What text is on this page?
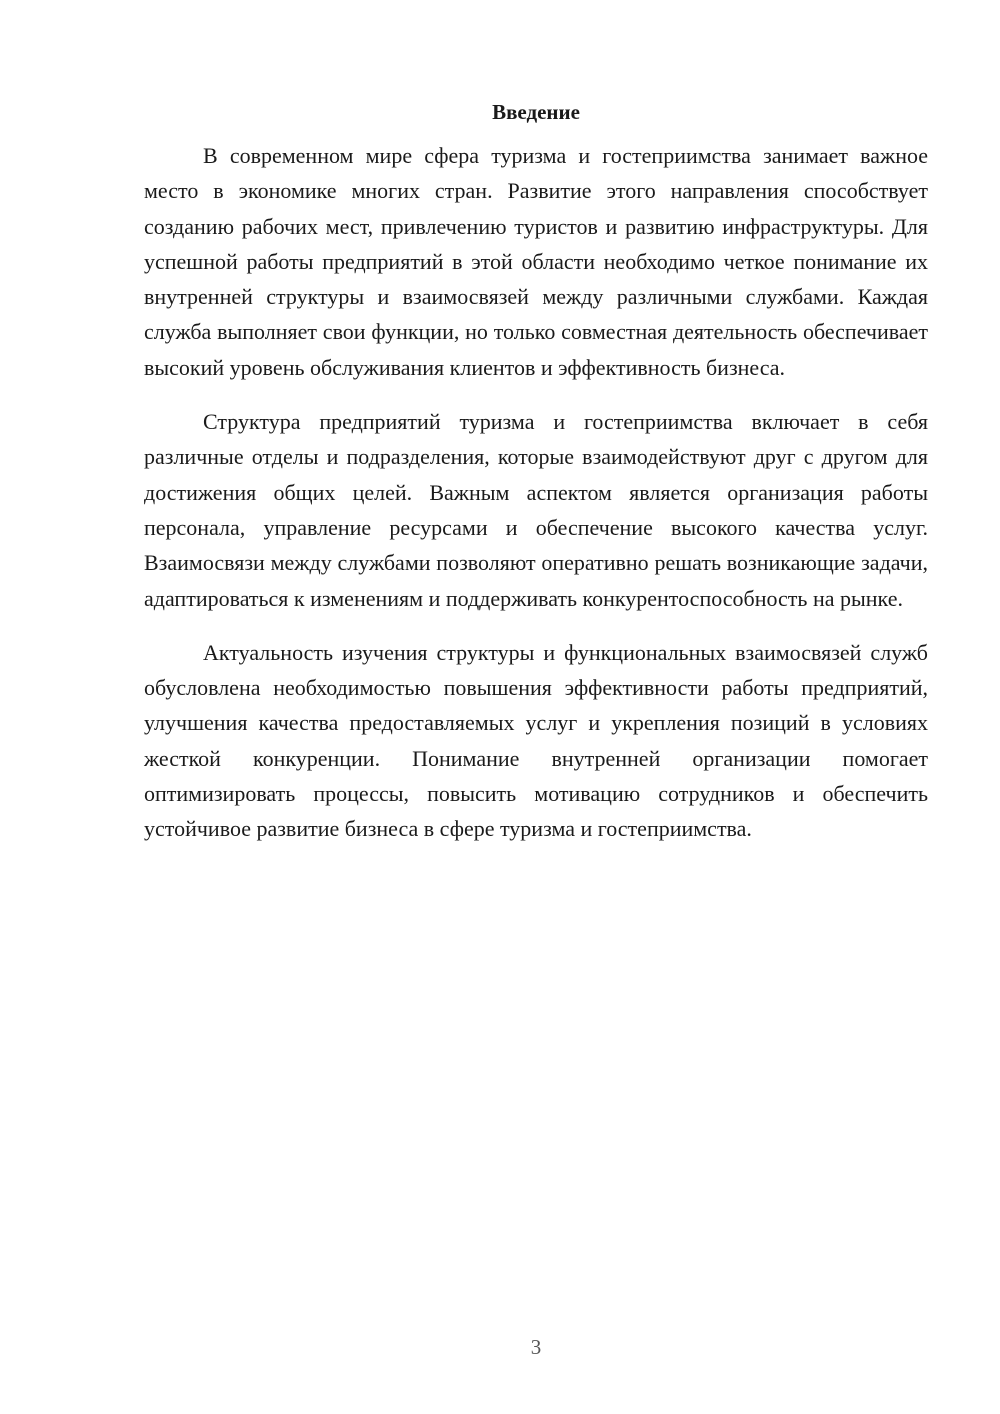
Введение

В современном мире сфера туризма и гостеприимства занимает важное место в экономике многих стран. Развитие этого направления способствует созданию рабочих мест, привлечению туристов и развитию инфраструктуры. Для успешной работы предприятий в этой области необходимо четкое понимание их внутренней структуры и взаимосвязей между различными службами. Каждая служба выполняет свои функции, но только совместная деятельность обеспечивает высокий уровень обслуживания клиентов и эффективность бизнеса.

Структура предприятий туризма и гостеприимства включает в себя различные отделы и подразделения, которые взаимодействуют друг с другом для достижения общих целей. Важным аспектом является организация работы персонала, управление ресурсами и обеспечение высокого качества услуг. Взаимосвязи между службами позволяют оперативно решать возникающие задачи, адаптироваться к изменениям и поддерживать конкурентоспособность на рынке.

Актуальность изучения структуры и функциональных взаимосвязей служб обусловлена необходимостью повышения эффективности работы предприятий, улучшения качества предоставляемых услуг и укрепления позиций в условиях жесткой конкуренции. Понимание внутренней организации помогает оптимизировать процессы, повысить мотивацию сотрудников и обеспечить устойчивое развитие бизнеса в сфере туризма и гостеприимства.

3
